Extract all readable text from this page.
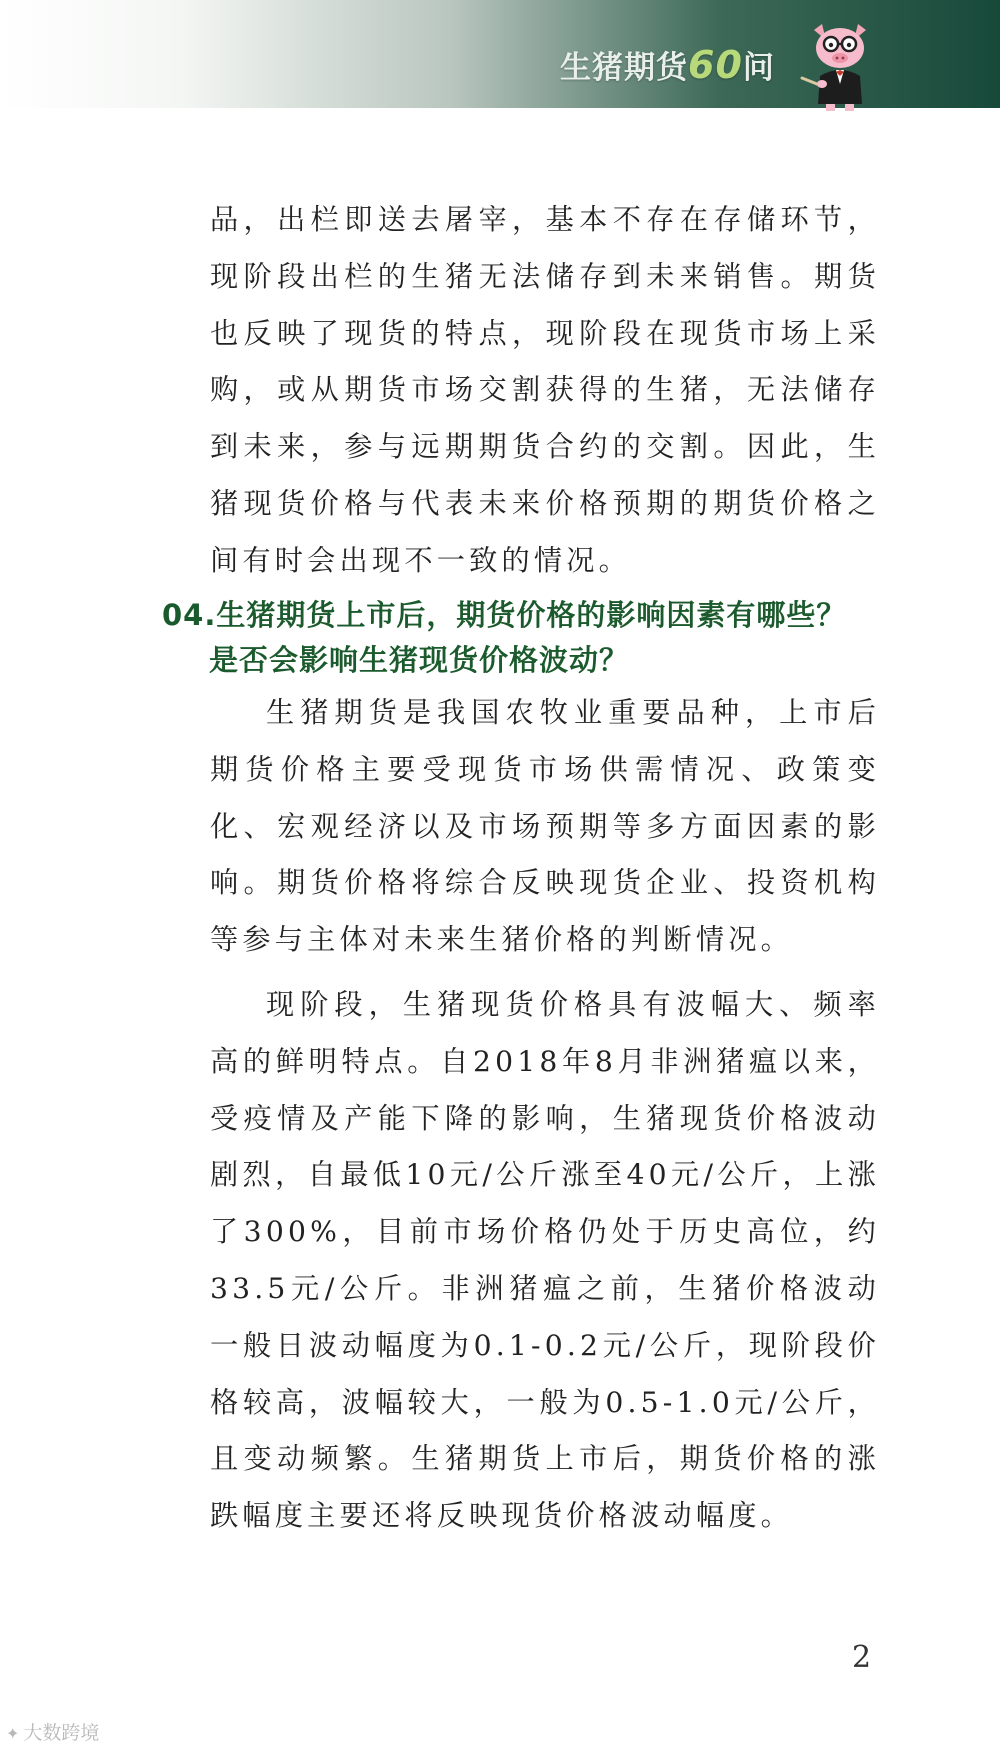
生猪期货60问

品，出栏即送去屠宰，基本不存在存储环节，现阶段出栏的生猪无法储存到未来销售。期货也反映了现货的特点，现阶段在现货市场上采购，或从期货市场交割获得的生猪，无法储存到未来，参与远期期货合约的交割。因此，生猪现货价格与代表未来价格预期的期货价格之间有时会出现不一致的情况。

04.生猪期货上市后，期货价格的影响因素有哪些？
是否会影响生猪现货价格波动？

生猪期货是我国农牧业重要品种，上市后期货价格主要受现货市场供需情况、政策变化、宏观经济以及市场预期等多方面因素的影响。期货价格将综合反映现货企业、投资机构等参与主体对未来生猪价格的判断情况。

现阶段，生猪现货价格具有波幅大、频率高的鲜明特点。自2018年8月非洲猪瘟以来，受疫情及产能下降的影响，生猪现货价格波动剧烈，自最低10元/公斤涨至40元/公斤，上涨了300%，目前市场价格仍处于历史高位，约33.5元/公斤。非洲猪瘟之前，生猪价格波动一般日波动幅度为0.1-0.2元/公斤，现阶段价格较高，波幅较大，一般为0.5-1.0元/公斤，且变动频繁。生猪期货上市后，期货价格的涨跌幅度主要还将反映现货价格波动幅度。

2
✦ 大数跨境
